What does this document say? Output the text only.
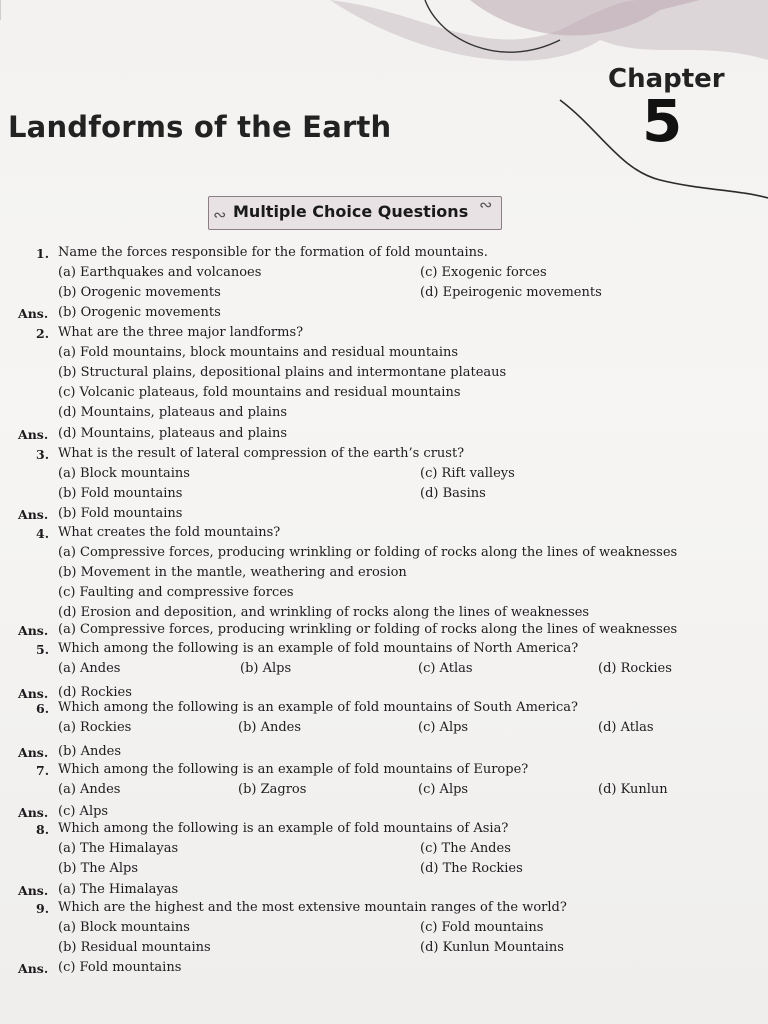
Chapter
5
Landforms of the Earth
∾ Multiple Choice Questions ∾
1. Name the forces responsible for the formation of fold mountains.
(a) Earthquakes and volcanoes	(c) Exogenic forces
(b) Orogenic movements	(d) Epeirogenic movements
Ans. (b) Orogenic movements
2. What are the three major landforms?
(a) Fold mountains, block mountains and residual mountains
(b) Structural plains, depositional plains and intermontane plateaus
(c) Volcanic plateaus, fold mountains and residual mountains
(d) Mountains, plateaus and plains
Ans. (d) Mountains, plateaus and plains
3. What is the result of lateral compression of the earth’s crust?
(a) Block mountains	(c) Rift valleys
(b) Fold mountains	(d) Basins
Ans. (b) Fold mountains
4. What creates the fold mountains?
(a) Compressive forces, producing wrinkling or folding of rocks along the lines of weaknesses
(b) Movement in the mantle, weathering and erosion
(c) Faulting and compressive forces
(d) Erosion and deposition, and wrinkling of rocks along the lines of weaknesses
Ans. (a) Compressive forces, producing wrinkling or folding of rocks along the lines of weaknesses
5. Which among the following is an example of fold mountains of North America?
(a) Andes	(b) Alps	(c) Atlas	(d) Rockies
Ans. (d) Rockies
6. Which among the following is an example of fold mountains of South America?
(a) Rockies	(b) Andes	(c) Alps	(d) Atlas
Ans. (b) Andes
7. Which among the following is an example of fold mountains of Europe?
(a) Andes	(b) Zagros	(c) Alps	(d) Kunlun
Ans. (c) Alps
8. Which among the following is an example of fold mountains of Asia?
(a) The Himalayas	(c) The Andes
(b) The Alps	(d) The Rockies
Ans. (a) The Himalayas
9. Which are the highest and the most extensive mountain ranges of the world?
(a) Block mountains	(c) Fold mountains
(b) Residual mountains	(d) Kunlun Mountains
Ans. (c) Fold mountains
